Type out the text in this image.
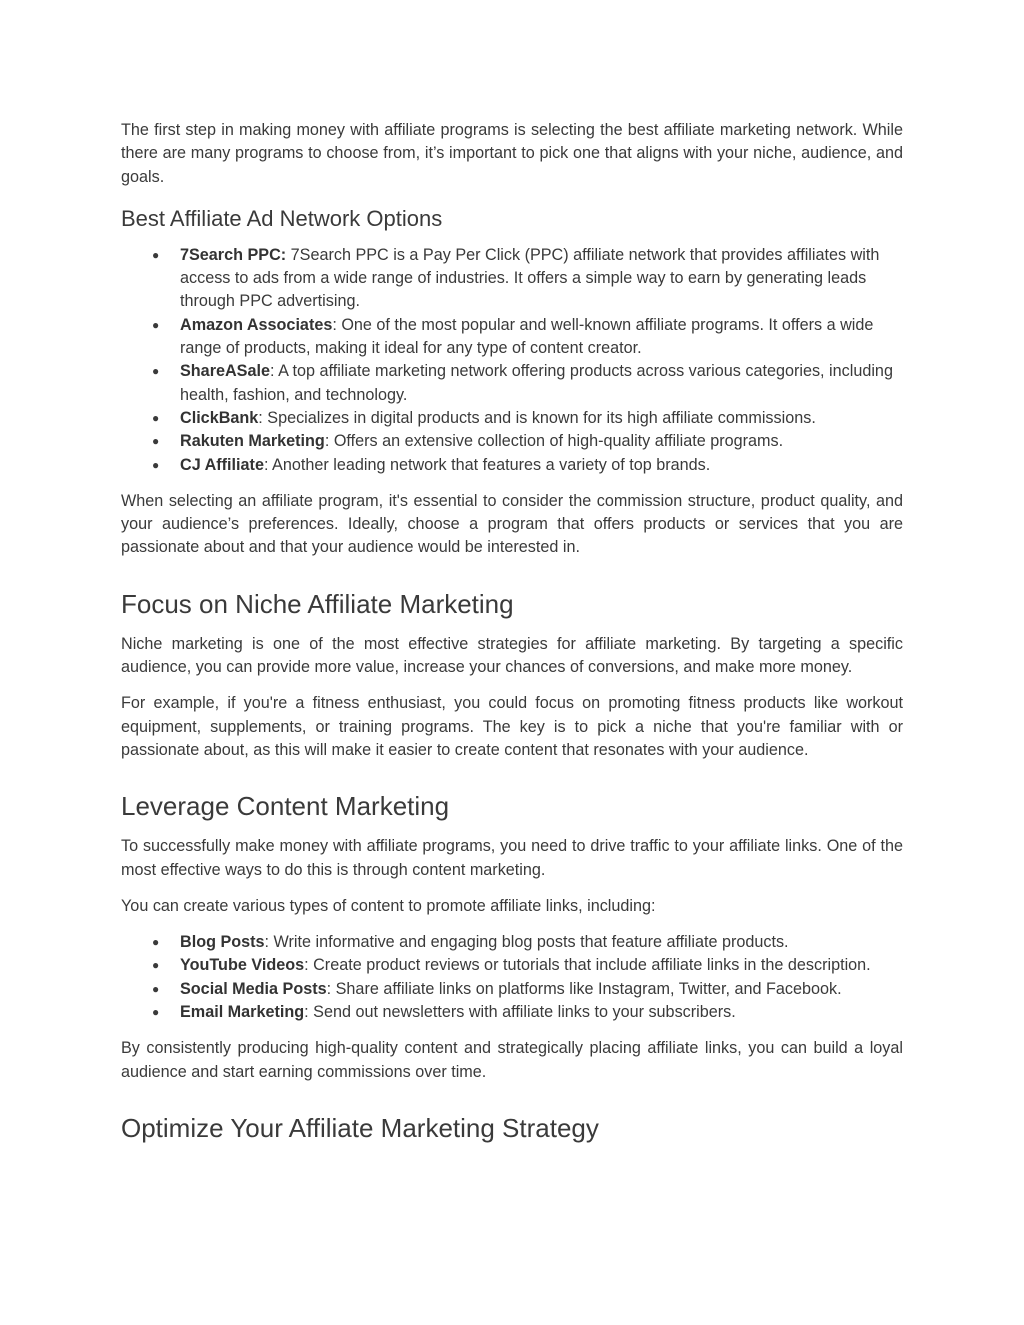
The first step in making money with affiliate programs is selecting the best affiliate marketing network. While there are many programs to choose from, it’s important to pick one that aligns with your niche, audience, and goals.

Best Affiliate Ad Network Options
● 7Search PPC: 7Search PPC is a Pay Per Click (PPC) affiliate network that provides affiliates with access to ads from a wide range of industries. It offers a simple way to earn by generating leads through PPC advertising.
● Amazon Associates: One of the most popular and well-known affiliate programs. It offers a wide range of products, making it ideal for any type of content creator.
● ShareASale: A top affiliate marketing network offering products across various categories, including health, fashion, and technology.
● ClickBank: Specializes in digital products and is known for its high affiliate commissions.
● Rakuten Marketing: Offers an extensive collection of high-quality affiliate programs.
● CJ Affiliate: Another leading network that features a variety of top brands.

When selecting an affiliate program, it's essential to consider the commission structure, product quality, and your audience’s preferences. Ideally, choose a program that offers products or services that you are passionate about and that your audience would be interested in.

Focus on Niche Affiliate Marketing

Niche marketing is one of the most effective strategies for affiliate marketing. By targeting a specific audience, you can provide more value, increase your chances of conversions, and make more money.

For example, if you're a fitness enthusiast, you could focus on promoting fitness products like workout equipment, supplements, or training programs. The key is to pick a niche that you're familiar with or passionate about, as this will make it easier to create content that resonates with your audience.

Leverage Content Marketing

To successfully make money with affiliate programs, you need to drive traffic to your affiliate links. One of the most effective ways to do this is through content marketing.

You can create various types of content to promote affiliate links, including:

● Blog Posts: Write informative and engaging blog posts that feature affiliate products.
● YouTube Videos: Create product reviews or tutorials that include affiliate links in the description.
● Social Media Posts: Share affiliate links on platforms like Instagram, Twitter, and Facebook.
● Email Marketing: Send out newsletters with affiliate links to your subscribers.

By consistently producing high-quality content and strategically placing affiliate links, you can build a loyal audience and start earning commissions over time.

Optimize Your Affiliate Marketing Strategy
